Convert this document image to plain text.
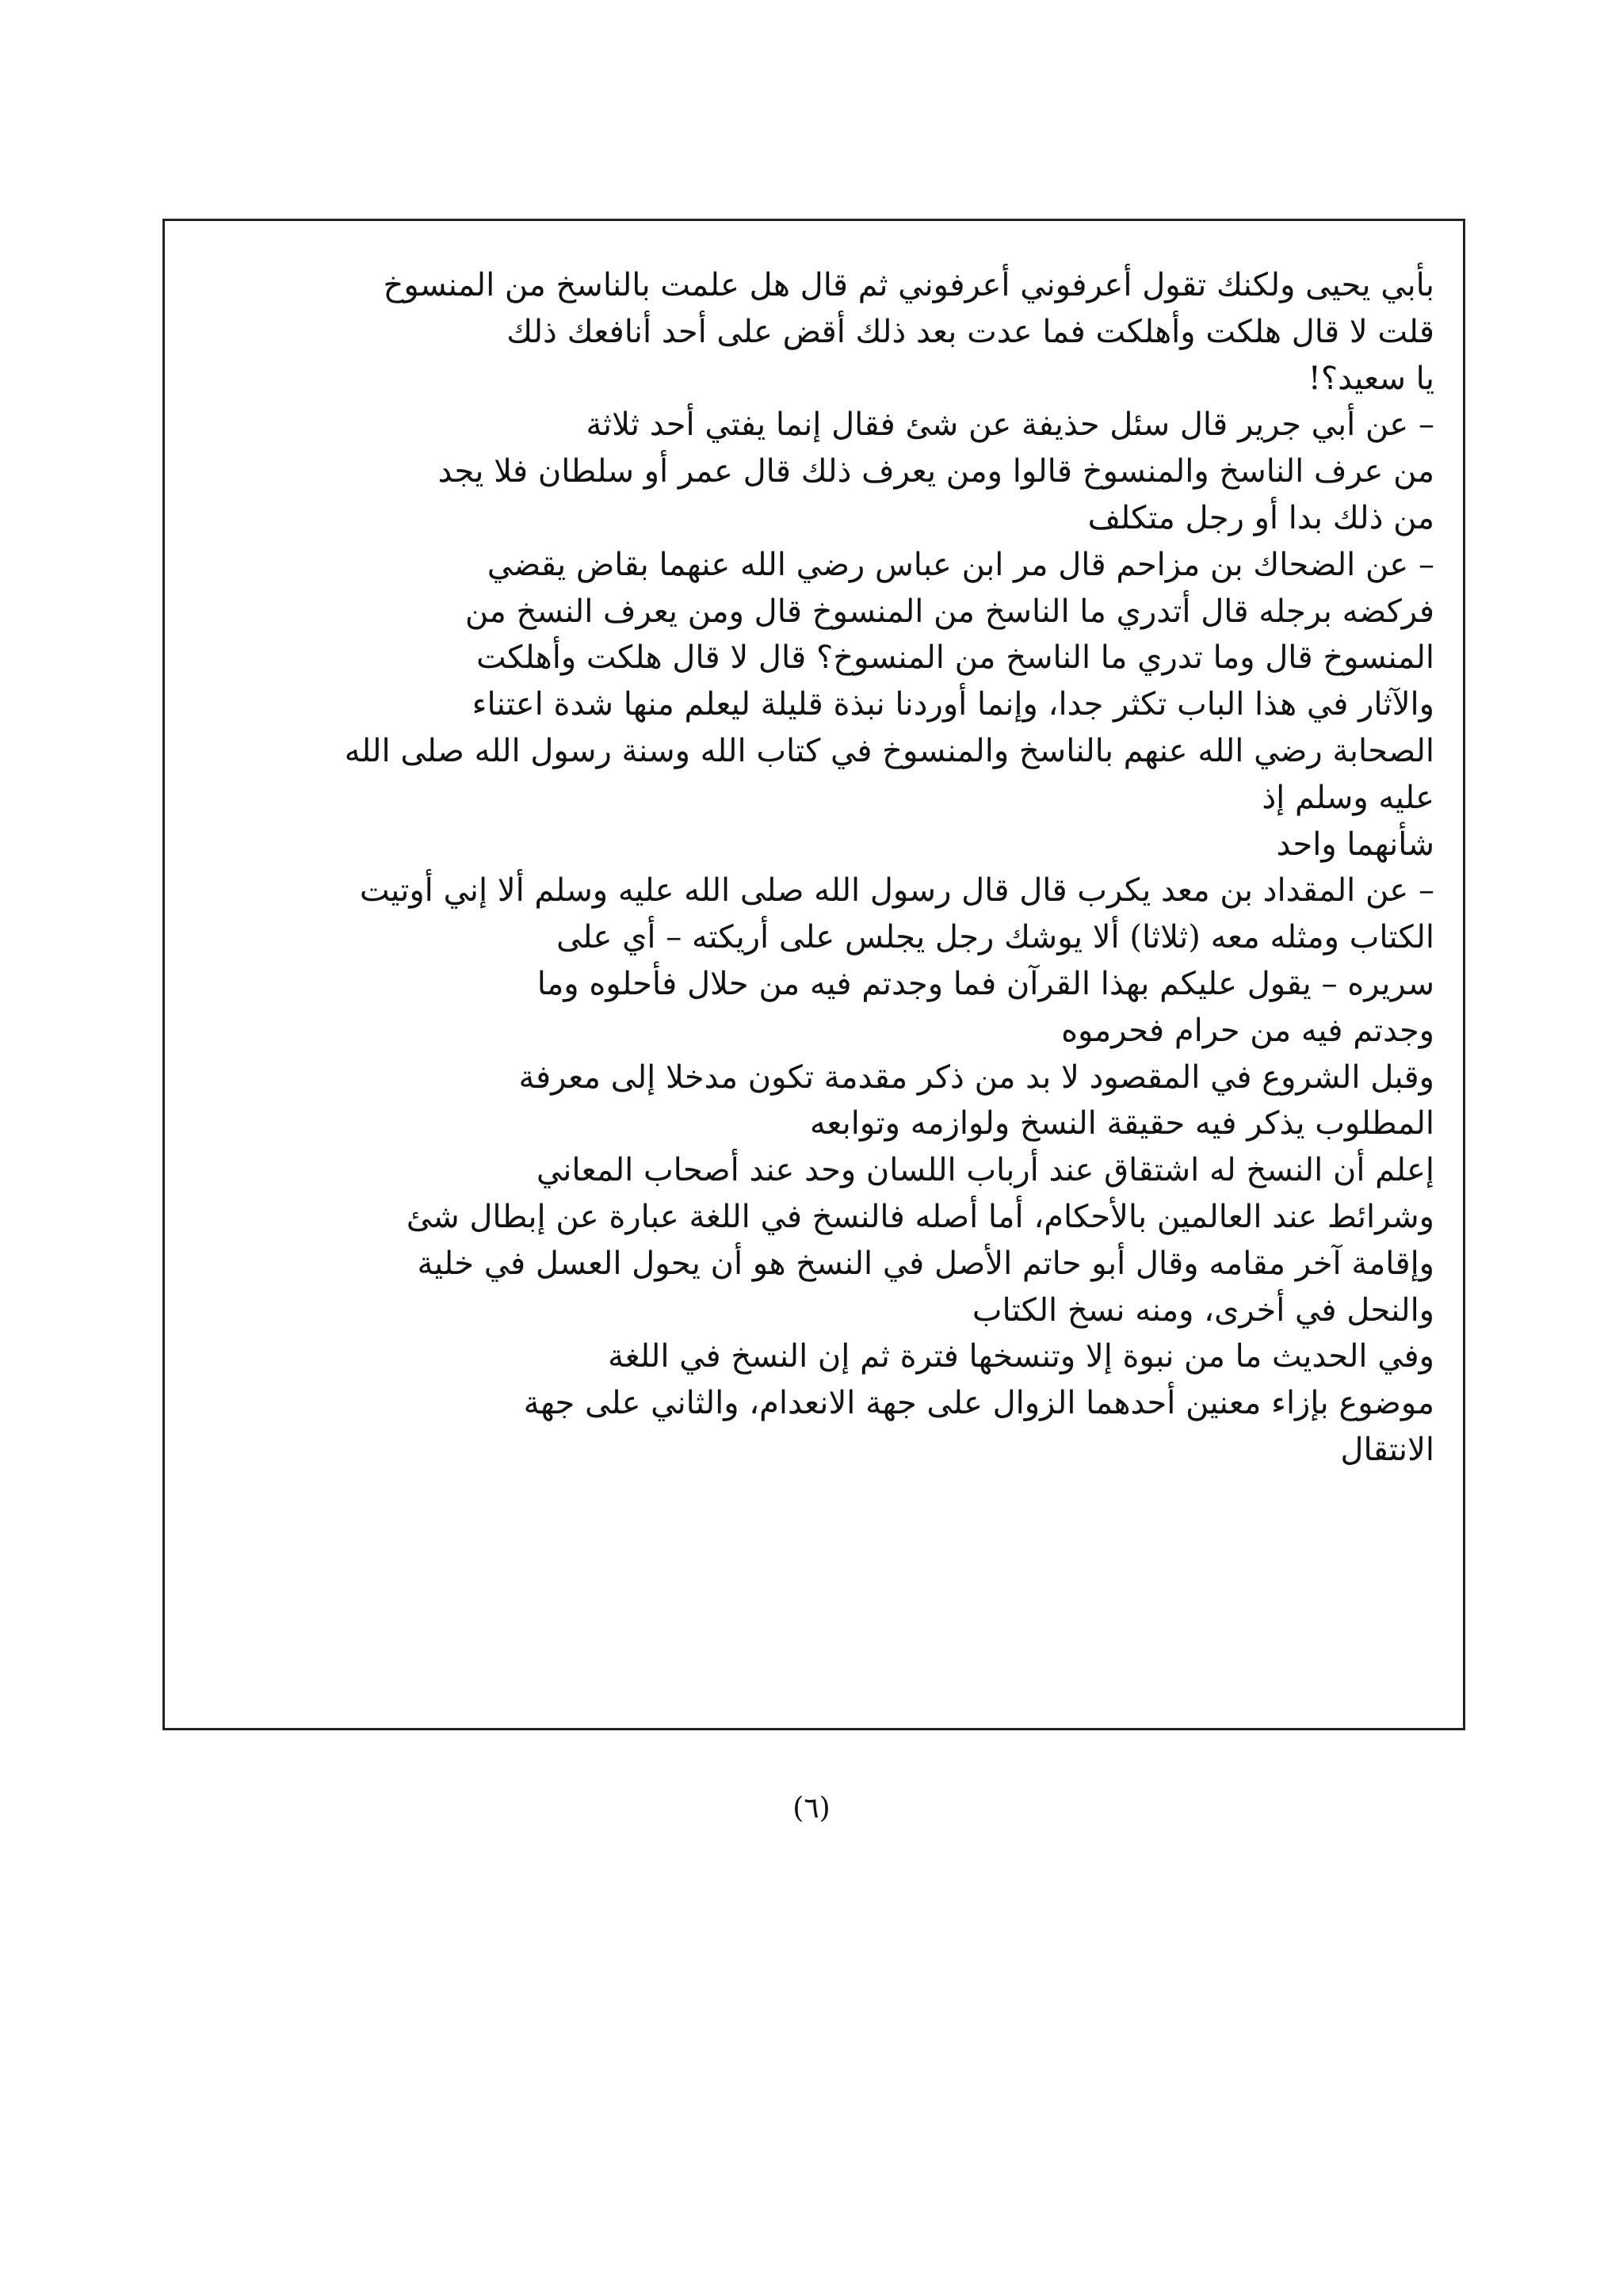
بأبي يحيى ولكنك تقول أعرفوني أعرفوني ثم قال هل علمت بالناسخ من المنسوخ
قلت لا قال هلكت وأهلكت فما عدت بعد ذلك أقض على أحد أنافعك ذلك
يا سعيد؟!
– عن أبي جرير قال سئل حذيفة عن شئ فقال إنما يفتي أحد ثلاثة
من عرف الناسخ والمنسوخ قالوا ومن يعرف ذلك قال عمر أو سلطان فلا يجد
من ذلك بدا أو رجل متكلف
– عن الضحاك بن مزاحم قال مر ابن عباس رضي الله عنهما بقاض يقضي
فركضه برجله قال أتدري ما الناسخ من المنسوخ قال ومن يعرف النسخ من
المنسوخ قال وما تدري ما الناسخ من المنسوخ؟ قال لا قال هلكت وأهلكت
والآثار في هذا الباب تكثر جدا، وإنما أوردنا نبذة قليلة ليعلم منها شدة اعتناء
الصحابة رضي الله عنهم بالناسخ والمنسوخ في كتاب الله وسنة رسول الله صلى الله
عليه وسلم إذ
شأنهما واحد
– عن المقداد بن معد يكرب قال قال رسول الله صلى الله عليه وسلم ألا إني أوتيت
الكتاب ومثله معه (ثلاثا) ألا يوشك رجل يجلس على أريكته – أي على
سريره – يقول عليكم بهذا القرآن فما وجدتم فيه من حلال فأحلوه وما
وجدتم فيه من حرام فحرموه
وقبل الشروع في المقصود لا بد من ذكر مقدمة تكون مدخلا إلى معرفة
المطلوب يذكر فيه حقيقة النسخ ولوازمه وتوابعه
إعلم أن النسخ له اشتقاق عند أرباب اللسان وحد عند أصحاب المعاني
وشرائط عند العالمين بالأحكام، أما أصله فالنسخ في اللغة عبارة عن إبطال شئ
وإقامة آخر مقامه وقال أبو حاتم الأصل في النسخ هو أن يحول العسل في خلية
والنحل في أخرى، ومنه نسخ الكتاب
وفي الحديث ما من نبوة إلا وتنسخها فترة ثم إن النسخ في اللغة
موضوع بإزاء معنين أحدهما الزوال على جهة الانعدام، والثاني على جهة
الانتقال
(٦)
